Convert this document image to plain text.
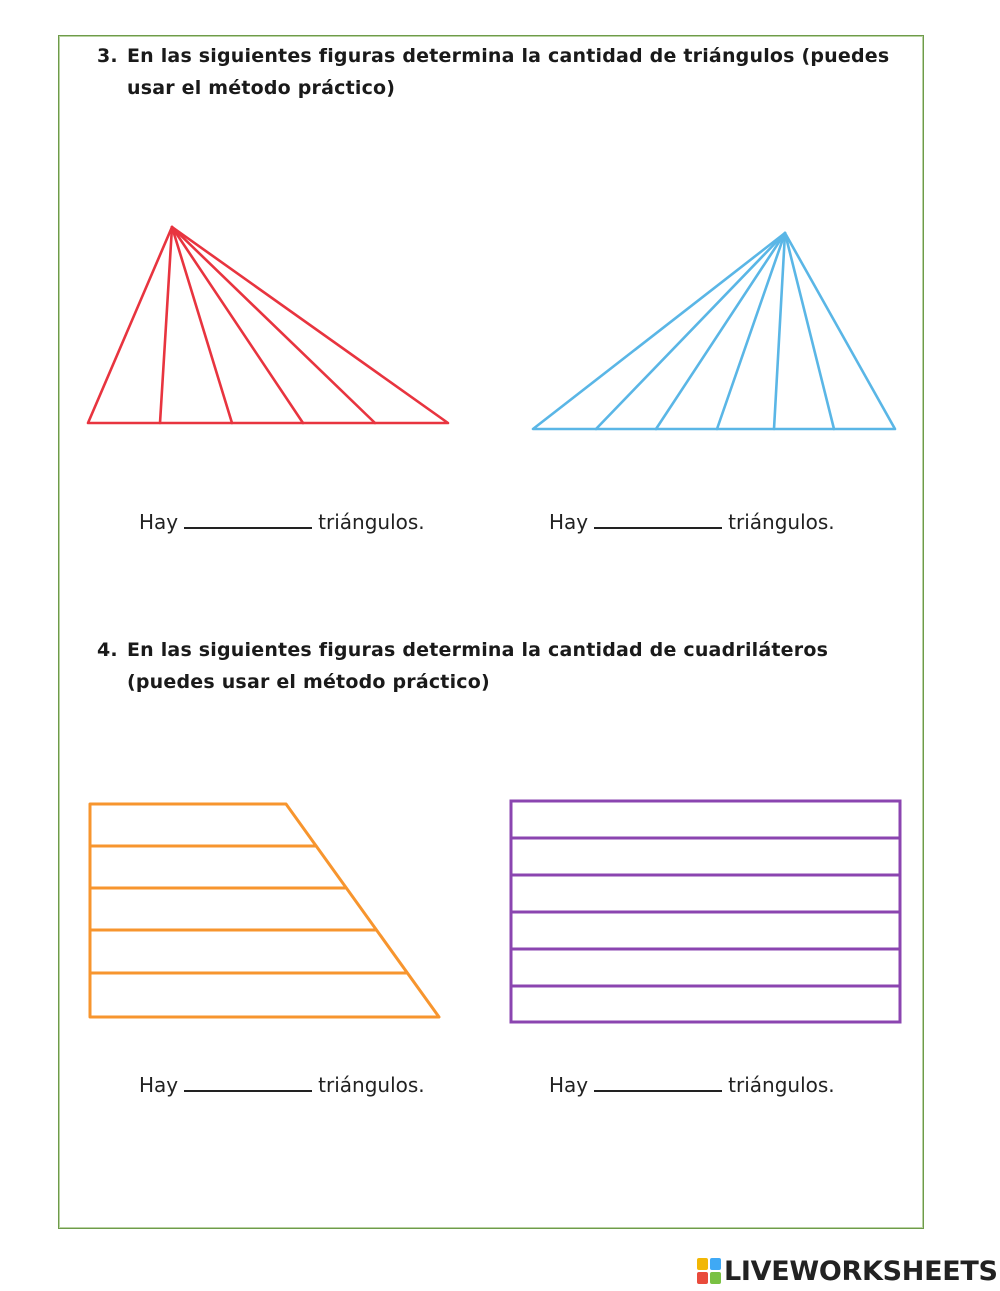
3. En las siguientes figuras determina la cantidad de triángulos (puedes usar el método práctico)
4. En las siguientes figuras determina la cantidad de cuadriláteros (puedes usar el método práctico)
Hay	triángulos.	Hay	triángulos.
Hay	triángulos.	Hay	triángulos.
LIVEWORKSHEETS
